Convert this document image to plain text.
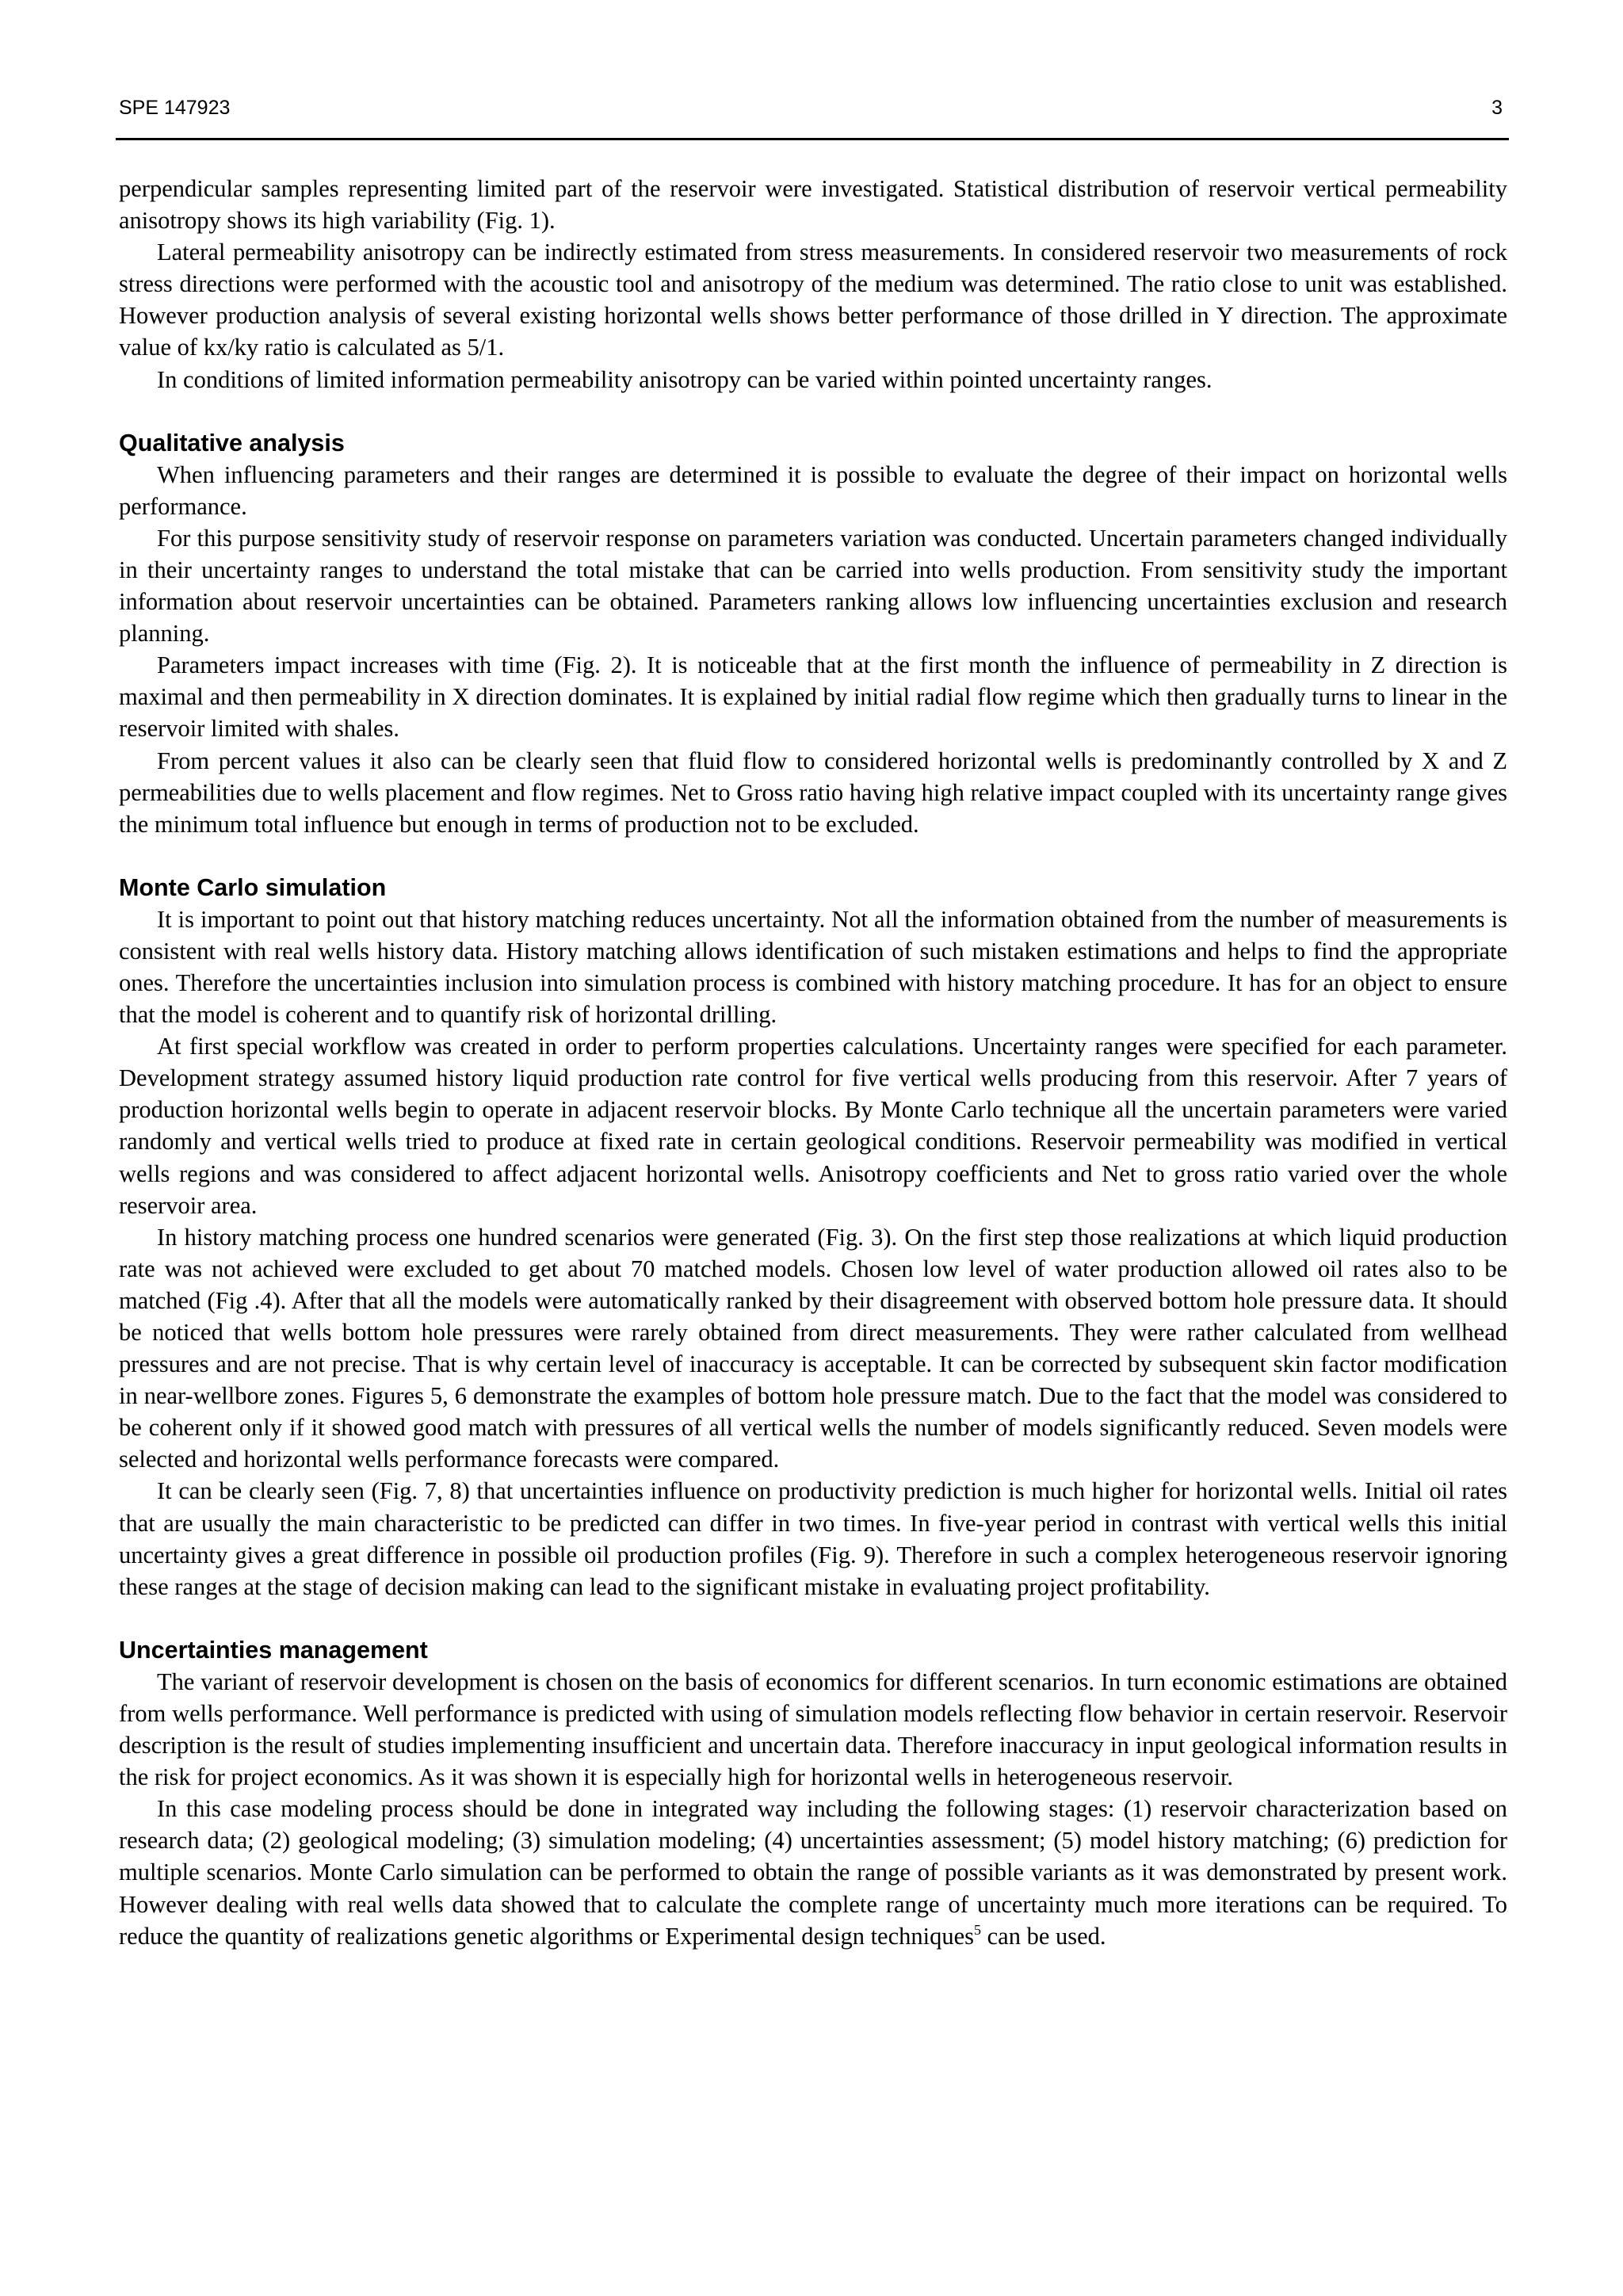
SPE 147923	3

perpendicular samples representing limited part of the reservoir were investigated. Statistical distribution of reservoir vertical permeability anisotropy shows its high variability (Fig. 1).

Lateral permeability anisotropy can be indirectly estimated from stress measurements. In considered reservoir two measurements of rock stress directions were performed with the acoustic tool and anisotropy of the medium was determined. The ratio close to unit was established. However production analysis of several existing horizontal wells shows better performance of those drilled in Y direction. The approximate value of kx/ky ratio is calculated as 5/1.

In conditions of limited information permeability anisotropy can be varied within pointed uncertainty ranges.

Qualitative analysis

When influencing parameters and their ranges are determined it is possible to evaluate the degree of their impact on horizontal wells performance.

For this purpose sensitivity study of reservoir response on parameters variation was conducted. Uncertain parameters changed individually in their uncertainty ranges to understand the total mistake that can be carried into wells production. From sensitivity study the important information about reservoir uncertainties can be obtained. Parameters ranking allows low influencing uncertainties exclusion and research planning.

Parameters impact increases with time (Fig. 2). It is noticeable that at the first month the influence of permeability in Z direction is maximal and then permeability in X direction dominates. It is explained by initial radial flow regime which then gradually turns to linear in the reservoir limited with shales.

From percent values it also can be clearly seen that fluid flow to considered horizontal wells is predominantly controlled by X and Z permeabilities due to wells placement and flow regimes. Net to Gross ratio having high relative impact coupled with its uncertainty range gives the minimum total influence but enough in terms of production not to be excluded.

Monte Carlo simulation

It is important to point out that history matching reduces uncertainty. Not all the information obtained from the number of measurements is consistent with real wells history data. History matching allows identification of such mistaken estimations and helps to find the appropriate ones. Therefore the uncertainties inclusion into simulation process is combined with history matching procedure. It has for an object to ensure that the model is coherent and to quantify risk of horizontal drilling.

At first special workflow was created in order to perform properties calculations. Uncertainty ranges were specified for each parameter. Development strategy assumed history liquid production rate control for five vertical wells producing from this reservoir. After 7 years of production horizontal wells begin to operate in adjacent reservoir blocks. By Monte Carlo technique all the uncertain parameters were varied randomly and vertical wells tried to produce at fixed rate in certain geological conditions. Reservoir permeability was modified in vertical wells regions and was considered to affect adjacent horizontal wells. Anisotropy coefficients and Net to gross ratio varied over the whole reservoir area.

In history matching process one hundred scenarios were generated (Fig. 3). On the first step those realizations at which liquid production rate was not achieved were excluded to get about 70 matched models. Chosen low level of water production allowed oil rates also to be matched (Fig .4). After that all the models were automatically ranked by their disagreement with observed bottom hole pressure data. It should be noticed that wells bottom hole pressures were rarely obtained from direct measurements. They were rather calculated from wellhead pressures and are not precise. That is why certain level of inaccuracy is acceptable. It can be corrected by subsequent skin factor modification in near-wellbore zones. Figures 5, 6 demonstrate the examples of bottom hole pressure match. Due to the fact that the model was considered to be coherent only if it showed good match with pressures of all vertical wells the number of models significantly reduced. Seven models were selected and horizontal wells performance forecasts were compared.

It can be clearly seen (Fig. 7, 8) that uncertainties influence on productivity prediction is much higher for horizontal wells. Initial oil rates that are usually the main characteristic to be predicted can differ in two times. In five-year period in contrast with vertical wells this initial uncertainty gives a great difference in possible oil production profiles (Fig. 9). Therefore in such a complex heterogeneous reservoir ignoring these ranges at the stage of decision making can lead to the significant mistake in evaluating project profitability.

Uncertainties management

The variant of reservoir development is chosen on the basis of economics for different scenarios. In turn economic estimations are obtained from wells performance. Well performance is predicted with using of simulation models reflecting flow behavior in certain reservoir. Reservoir description is the result of studies implementing insufficient and uncertain data. Therefore inaccuracy in input geological information results in the risk for project economics. As it was shown it is especially high for horizontal wells in heterogeneous reservoir.

In this case modeling process should be done in integrated way including the following stages: (1) reservoir characterization based on research data; (2) geological modeling; (3) simulation modeling; (4) uncertainties assessment; (5) model history matching; (6) prediction for multiple scenarios. Monte Carlo simulation can be performed to obtain the range of possible variants as it was demonstrated by present work. However dealing with real wells data showed that to calculate the complete range of uncertainty much more iterations can be required. To reduce the quantity of realizations genetic algorithms or Experimental design techniques$^5$ can be used.
